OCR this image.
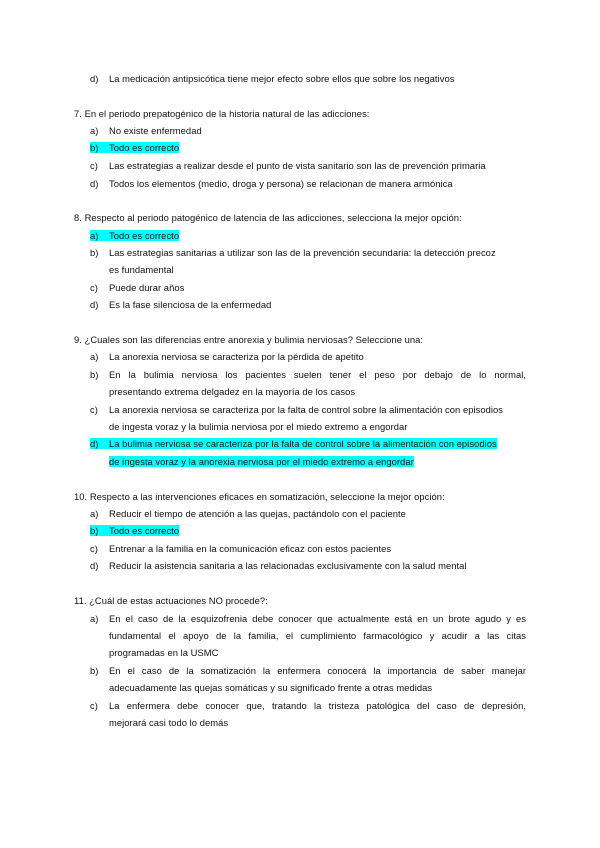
d) La medicación antipsicótica tiene mejor efecto sobre ellos que sobre los negativos
7. En el periodo prepatogénico de la historia natural de las adicciones:
a) No existe enfermedad
b) Todo es correcto
c) Las estrategias a realizar desde el punto de vista sanitario son las de prevención primaria
d) Todos los elementos (medio, droga y persona) se relacionan de manera armónica
8. Respecto al periodo patogénico de latencia de las adicciones, selecciona la mejor opción:
a) Todo es correcto
b) Las estrategias sanitarias a utilizar son las de la prevención secundaria: la detección precoz
es fundamental
c) Puede durar años
d) Es la fase silenciosa de la enfermedad
9. ¿Cuales son las diferencias entre anorexia y bulimia nerviosas? Seleccione una:
a) La anorexia nerviosa se caracteriza por la pérdida de apetito
b) En la bulimia nerviosa los pacientes suelen tener el peso por debajo de lo normal,
presentando extrema delgadez en la mayoría de los casos
c) La anorexia nerviosa se caracteriza por la falta de control sobre la alimentación con episodios
de ingesta voraz y la bulimia nerviosa por el miedo extremo a engordar
d) La bulimia nerviosa se caracteriza por la falta de control sobre la alimentación con episodios
de ingesta voraz y la anorexia nerviosa por el miedo extremo a engordar
10. Respecto a las intervenciones eficaces en somatización, seleccione la mejor opción:
a) Reducir el tiempo de atención a las quejas, pactándolo con el paciente
b) Todo es correcto
c) Entrenar a la familia en la comunicación eficaz con estos pacientes
d) Reducir la asistencia sanitaria a las relacionadas exclusivamente con la salud mental
11. ¿Cuál de estas actuaciones NO procede?:
a) En el caso de la esquizofrenia debe conocer que actualmente está en un brote agudo y es
fundamental el apoyo de la familia, el cumplimiento farmacológico y acudir a las citas
programadas en la USMC
b) En el caso de la somatización la enfermera conocerá la importancia de saber manejar
adecuadamente las quejas somáticas y su significado frente a otras medidas
c) La enfermera debe conocer que, tratando la tristeza patológica del caso de depresión,
mejorará casi todo lo demás
